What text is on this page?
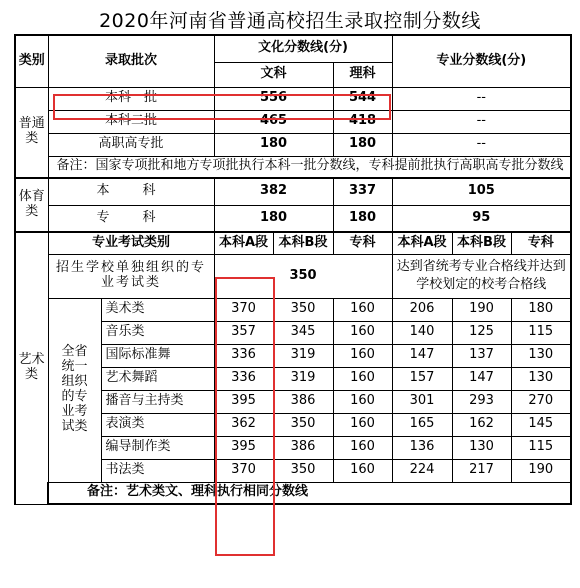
2020年河南省普通高校招生录取控制分数线
类别	录取批次		文化分数线(分)			专业分数线(分)		
			文科		理科			
普通类	本科一批		556		544	--		
	本科二批		465		418	--		
	高职高专批		180		180	--		
	备注：国家专项批和地方专项批执行本科一批分数线，专科提前批执行高职高专批分数线							
体育类	本　科		382		337	105		
	专　科		180		180	95		
艺术类	专业考试类别		本科A段	本科B段	专科	本科A段	本科B段	专科

	招生学校单独组织的专业考试类		350			达到省统考专业合格线并达到学校划定的校考合格线		

	全省统一组织的专业考试类	美术类	370	350	160	206	190	180
		音乐类	357	345	160	140	125	115
		国际标准舞	336	319	160	147	137	130
		艺术舞蹈	336	319	160	157	147	130
		播音与主持类	395	386	160	301	293	270
		表演类	362	350	160	165	162	145
		编导制作类	395	386	160	136	130	115
		书法类	370	350	160	224	217	190
	备注：艺术类文、理科执行相同分数线							
